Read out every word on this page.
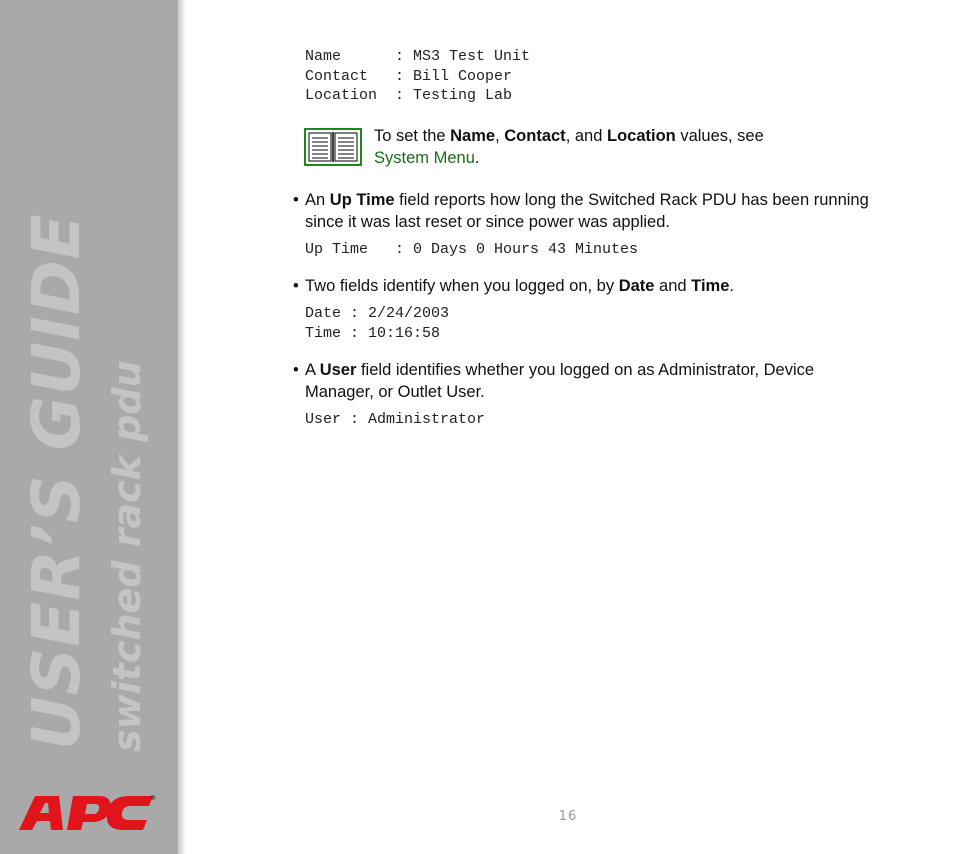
USER’S GUIDE switched rack pdu
®
Name      : MS3 Test Unit
Contact   : Bill Cooper
Location  : Testing Lab
To set the Name, Contact, and Location values, see
System Menu.
• An Up Time field reports how long the Switched Rack PDU has been running since it was last reset or since power was applied.
Up Time   : 0 Days 0 Hours 43 Minutes
• Two fields identify when you logged on, by Date and Time.
Date : 2/24/2003
Time : 10:16:58
• A User field identifies whether you logged on as Administrator, Device Manager, or Outlet User.
User : Administrator
16
